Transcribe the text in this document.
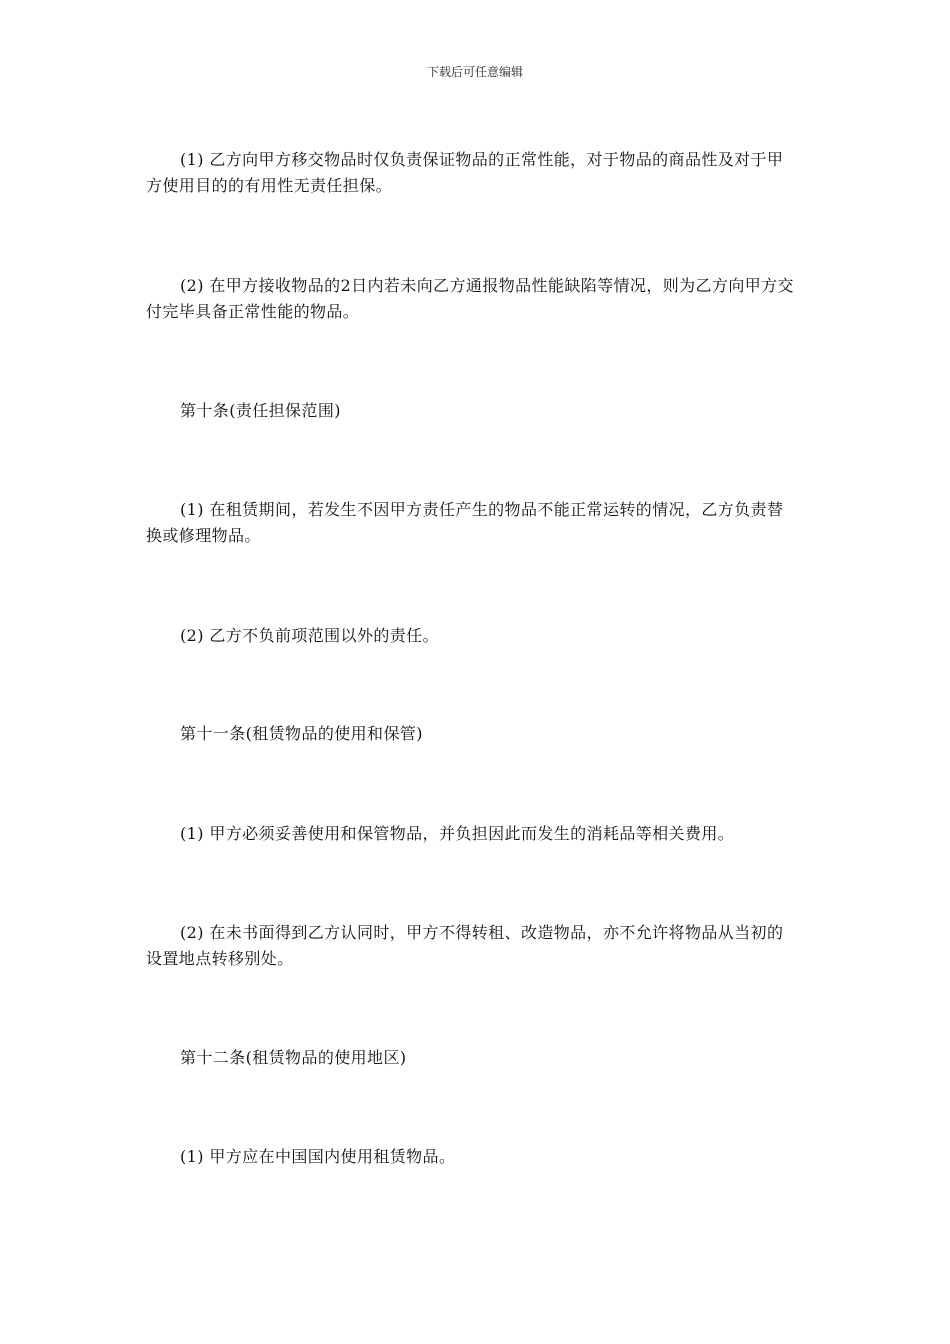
下载后可任意编辑

(1) 乙方向甲方移交物品时仅负责保证物品的正常性能，对于物品的商品性及对于甲方使用目的的有用性无责任担保。

(2) 在甲方接收物品的2日内若未向乙方通报物品性能缺陷等情况，则为乙方向甲方交付完毕具备正常性能的物品。

第十条(责任担保范围)

(1) 在租赁期间，若发生不因甲方责任产生的物品不能正常运转的情况，乙方负责替换或修理物品。

(2) 乙方不负前项范围以外的责任。

第十一条(租赁物品的使用和保管)

(1) 甲方必须妥善使用和保管物品，并负担因此而发生的消耗品等相关费用。

(2) 在未书面得到乙方认同时，甲方不得转租、改造物品，亦不允许将物品从当初的设置地点转移别处。

第十二条(租赁物品的使用地区)

(1) 甲方应在中国国内使用租赁物品。
